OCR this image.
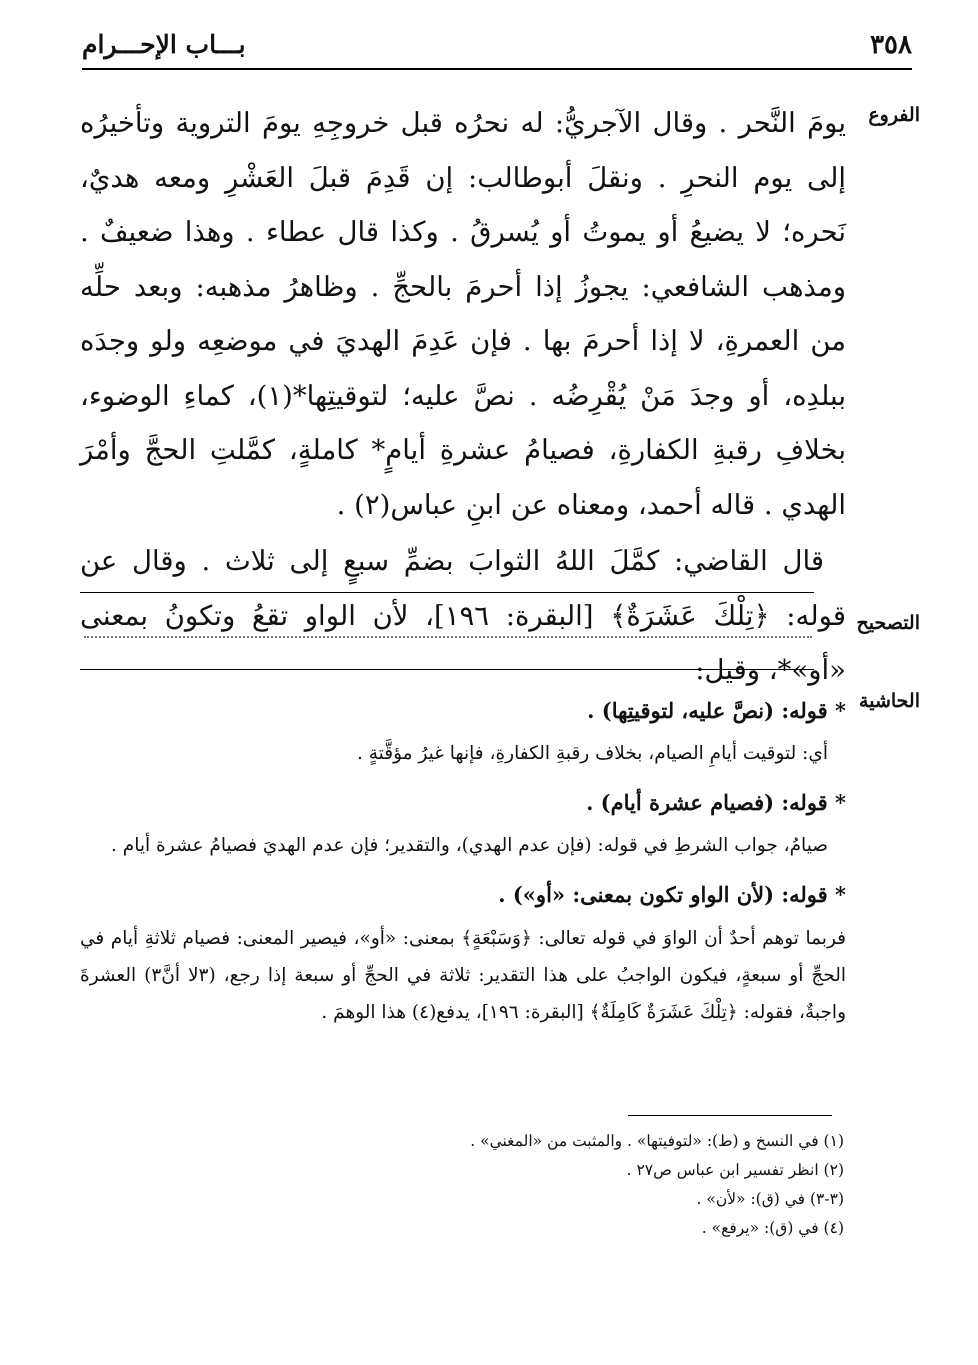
٣٥٨
بـــاب الإحـــرام
الفروع

يومَ النَّحر . وقال الآجريُّ: له نحرُه قبل خروجِهِ يومَ التروية وتأخيرُه إلى يوم النحرِ . ونقلَ أبوطالب: إن قَدِمَ قبلَ العَشْرِ ومعه هديٌ، نَحره؛ لا يضيعُ أو يموتُ أو يُسرقُ . وكذا قال عطاء . وهذا ضعيفٌ . ومذهب الشافعي: يجوزُ إذا أحرمَ بالحجِّ . وظاهرُ مذهبه: وبعد حلِّه من العمرةِ، لا إذا أحرمَ بها . فإن عَدِمَ الهديَ في موضعِه ولو وجدَه ببلدِه، أو وجدَ مَنْ يُقْرِضُه . نصَّ عليه؛ لتوقيتِها*(١)، كماءِ الوضوء، بخلافِ رقبةِ الكفارةِ، فصيامُ عشرةِ أيامٍ* كاملةٍ، كمَّلتِ الحجَّ وأمْرَ الهدي . قاله أحمد، ومعناه عن ابنِ عباس(٢) .

قال القاضي: كمَّلَ اللهُ الثوابَ بضمِّ سبعٍ إلى ثلاث . وقال عن قوله: ﴿تِلْكَ عَشَرَةٌ﴾ [البقرة: ١٩٦]، لأن الواو تقعُ وتكونُ بمعنى «أو»*، وقيل:

التصحيح
الحاشية
* قوله: (نصَّ عليه، لتوقيتِها) .
أي: لتوقيت أيامِ الصيام، بخلاف رقبةِ الكفارةِ، فإنها غيرُ مؤقَّتةٍ .
* قوله: (فصيام عشرة أيام) .
صيامُ، جواب الشرطِ في قوله: (فإن عدم الهدي)، والتقدير؛ فإن عدم الهديَ فصيامُ عشرة أيام .
* قوله: (لأن الواو تكون بمعنى: «أو») .
فربما توهم أحدٌ أن الواوَ في قوله تعالى: ﴿وَسَبْعَةٍ﴾ بمعنى: «أو»، فيصير المعنى: فصيام ثلاثةِ أيام في الحجِّ أو سبعةٍ، فيكون الواجبُ على هذا التقدير: ثلاثة في الحجِّ أو سبعة إذا رجع، (٣لا أنَّ٣) العشرةَ واجبةٌ، فقوله: ﴿تِلْكَ عَشَرَةٌ كَامِلَةٌ﴾ [البقرة: ١٩٦]، يدفع(٤) هذا الوهمَ .
(١) في النسخ و (ط): «لتوفيتها» . والمثبت من «المغني» .
(٢) انظر تفسير ابن عباس ص٢٧ .
(٣-٣) في (ق): «لأن» .
(٤) في (ق): «يرفع» .
